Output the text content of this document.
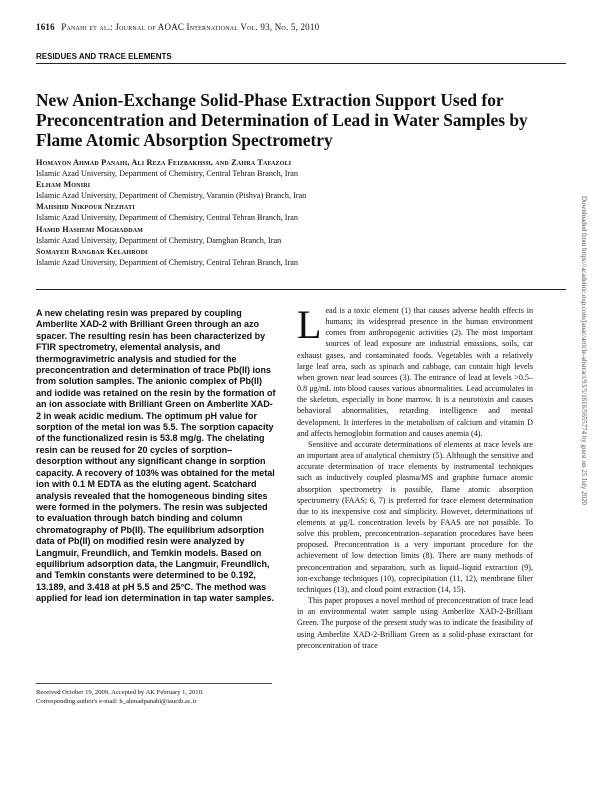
1616 Panahi et al.: Journal of AOAC International Vol. 93, No. 5, 2010
RESIDUES AND TRACE ELEMENTS
New Anion-Exchange Solid-Phase Extraction Support Used for Preconcentration and Determination of Lead in Water Samples by Flame Atomic Absorption Spectrometry
Homayon Ahmad Panahi, Ali Reza Feizbakhsh, and Zahra Tafazoli
Islamic Azad University, Department of Chemistry, Central Tehran Branch, Iran
Elham Moniri
Islamic Azad University, Department of Chemistry, Varamin (Pishva) Branch, Iran
Mahshid Nikpour Nezhati
Islamic Azad University, Department of Chemistry, Central Tehran Branch, Iran
Hamid Hashemi Moghaddam
Islamic Azad University, Department of Chemistry, Damghan Branch, Iran
Somayeh Rangbar Kelahrodi
Islamic Azad University, Department of Chemistry, Central Tehran Branch, Iran
A new chelating resin was prepared by coupling Amberlite XAD-2 with Brilliant Green through an azo spacer. The resulting resin has been characterized by FTIR spectrometry, elemental analysis, and thermogravimetric analysis and studied for the preconcentration and determination of trace Pb(II) ions from solution samples. The anionic complex of Pb(II) and iodide was retained on the resin by the formation of an ion associate with Brilliant Green on Amberlite XAD-2 in weak acidic medium. The optimum pH value for sorption of the metal ion was 5.5. The sorption capacity of the functionalized resin is 53.8 mg/g. The chelating resin can be reused for 20 cycles of sorption–desorption without any significant change in sorption capacity. A recovery of 103% was obtained for the metal ion with 0.1 M EDTA as the eluting agent. Scatchard analysis revealed that the homogeneous binding sites were formed in the polymers. The resin was subjected to evaluation through batch binding and column chromatography of Pb(II). The equilibrium adsorption data of Pb(II) on modified resin were analyzed by Langmuir, Freundlich, and Temkin models. Based on equilibrium adsorption data, the Langmuir, Freundlich, and Temkin constants were determined to be 0.192, 13.189, and 3.418 at pH 5.5 and 25°C. The method was applied for lead ion determination in tap water samples.
Received October 19, 2009. Accepted by AK February 1, 2010.
Corresponding author's e-mail: h_ahmadpanahi@iauctb.ac.ir

Lead is a toxic element (1) that causes adverse health effects in humans; its widespread presence in the human environment comes from anthropogenic activities (2). The most important sources of lead exposure are industrial emissions, soils, car exhaust gases, and contaminated foods. Vegetables with a relatively large leaf area, such as spinach and cabbage, can contain high levels when grown near lead sources (3). The entrance of lead at levels >0.5–0.8 μg/mL into blood causes various abnormalities. Lead accumulates in the skeleton, especially in bone marrow. It is a neurotoxin and causes behavioral abnormalities, retarding intelligence and mental development. It interferes in the metabolism of calcium and vitamin D and affects hemoglobin formation and causes anemia (4).

Sensitive and accurate determinations of elements at trace levels are an important area of analytical chemistry (5). Although the sensitive and accurate determination of trace elements by instrumental techniques such as inductively coupled plasma/MS and graphite furnace atomic absorption spectrometry is possible, flame atomic absorption spectrometry (FAAS; 6, 7) is preferred for trace element determination due to its inexpensive cost and simplicity. However, determinations of elements at μg/L concentration levels by FAAS are not possible. To solve this problem, preconcentration–separation procedures have been proposed. Preconcentration is a very important procedure for the achievement of low detection limits (8). There are many methods of preconcentration and separation, such as liquid–liquid extraction (9), ion-exchange techniques (10), coprecipitation (11, 12), membrane filter techniques (13), and cloud point extraction (14, 15).

This paper proposes a novel method of preconcentration of trace lead in an environmental water sample using Amberlite XAD-2-Brilliant Green. The purpose of the present study was to indicate the feasibility of using Amberlite XAD-2-Brilliant Green as a solid-phase extractant for preconcentration of trace

Downloaded from https://academic.oup.com/jaoac/article-abstract/93/5/1616/5655774 by guest on 25 July 2020
